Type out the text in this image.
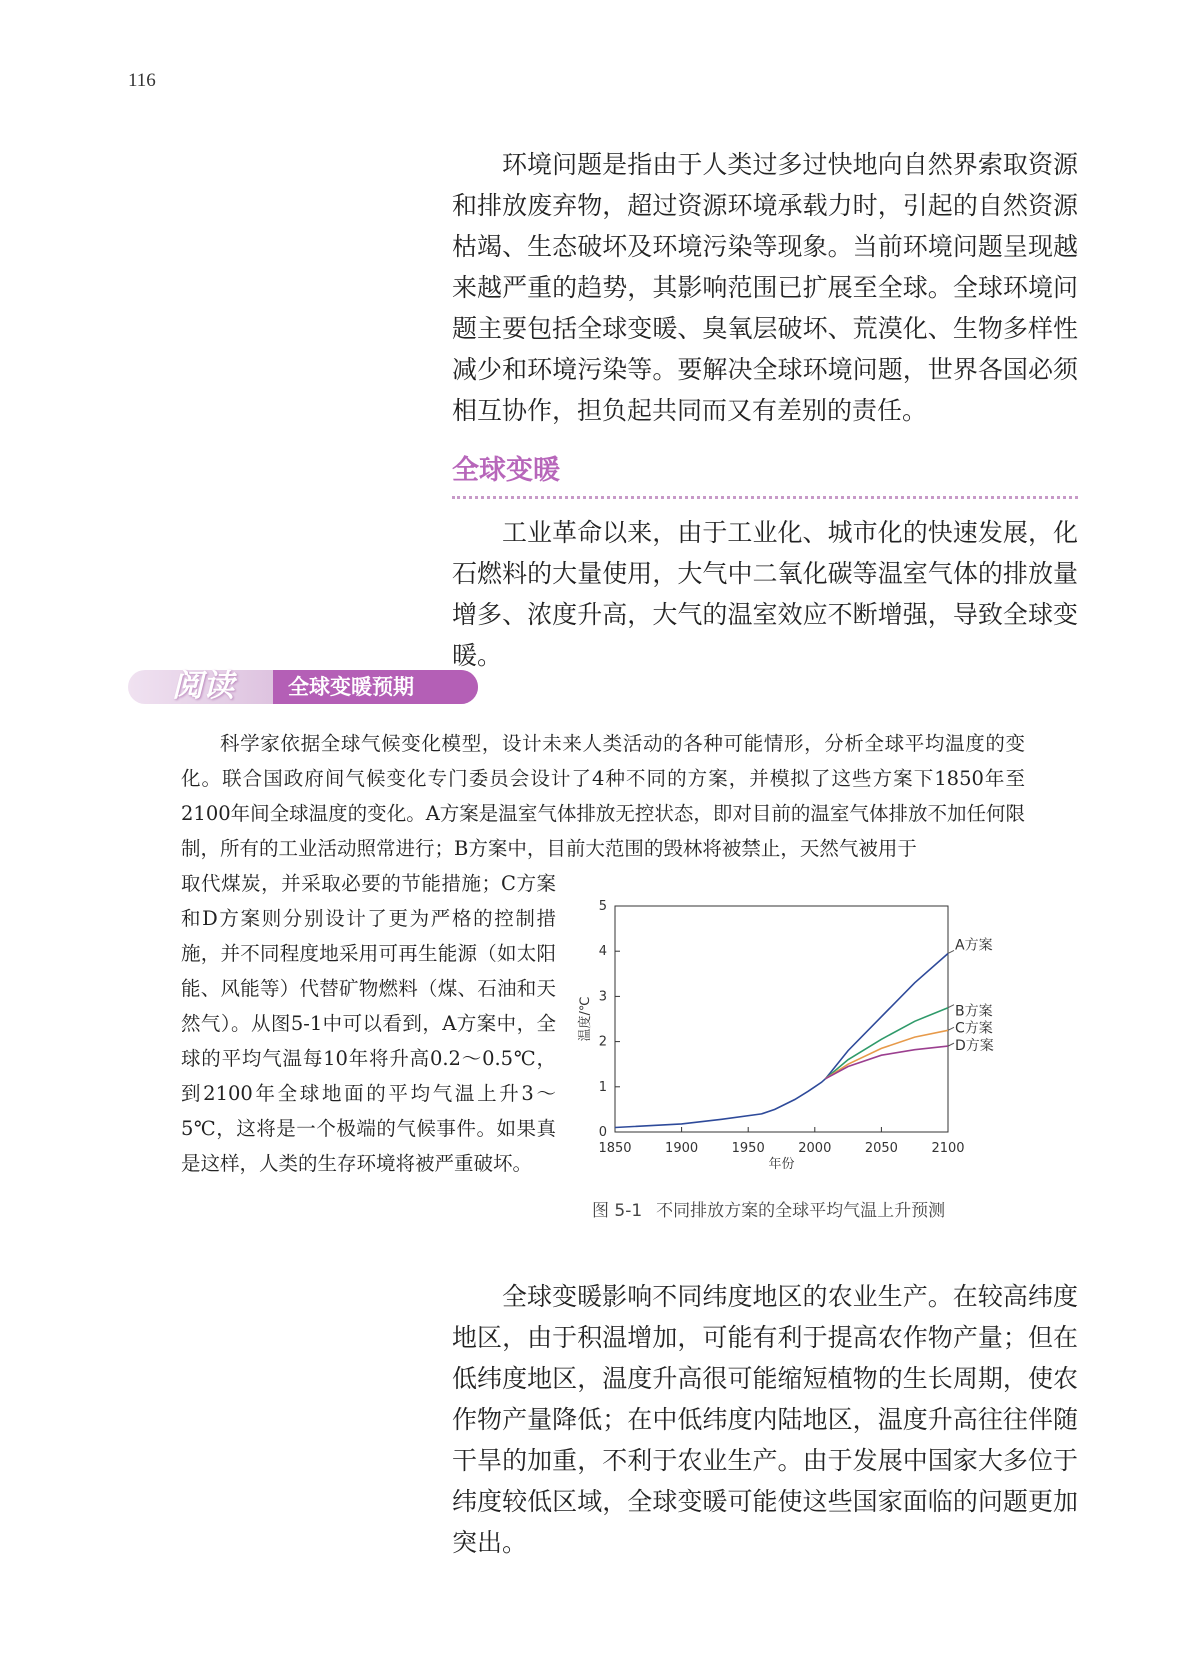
116

环境问题是指由于人类过多过快地向自然界索取资源和排放废弃物，超过资源环境承载力时，引起的自然资源枯竭、生态破坏及环境污染等现象。当前环境问题呈现越来越严重的趋势，其影响范围已扩展至全球。全球环境问题主要包括全球变暖、臭氧层破坏、荒漠化、生物多样性减少和环境污染等。要解决全球环境问题，世界各国必须相互协作，担负起共同而又有差别的责任。

全球变暖

工业革命以来，由于工业化、城市化的快速发展，化石燃料的大量使用，大气中二氧化碳等温室气体的排放量增多、浓度升高，大气的温室效应不断增强，导致全球变暖。

阅读	全球变暖预期

科学家依据全球气候变化模型，设计未来人类活动的各种可能情形，分析全球平均温度的变化。联合国政府间气候变化专门委员会设计了4种不同的方案，并模拟了这些方案下1850年至2100年间全球温度的变化。A方案是温室气体排放无控状态，即对目前的温室气体排放不加任何限制，所有的工业活动照常进行；B方案中，目前大范围的毁林将被禁止，天然气被用于

取代煤炭，并采取必要的节能措施；C方案和D方案则分别设计了更为严格的控制措施，并不同程度地采用可再生能源（如太阳能、风能等）代替矿物燃料（煤、石油和天然气）。从图5-1中可以看到，A方案中，全球的平均气温每10年将升高0.2～0.5℃，到2100年全球地面的平均气温上升3～5℃，这将是一个极端的气候事件。如果真是这样，人类的生存环境将被严重破坏。

1850	1900	1950	2000	2050	2100
0
1
2
3
4
5
年份
温度/℃
A方案
B方案
C方案
D方案
图 5-1 不同排放方案的全球平均气温上升预测

全球变暖影响不同纬度地区的农业生产。在较高纬度地区，由于积温增加，可能有利于提高农作物产量；但在低纬度地区，温度升高很可能缩短植物的生长周期，使农作物产量降低；在中低纬度内陆地区，温度升高往往伴随干旱的加重，不利于农业生产。由于发展中国家大多位于纬度较低区域，全球变暖可能使这些国家面临的问题更加突出。
